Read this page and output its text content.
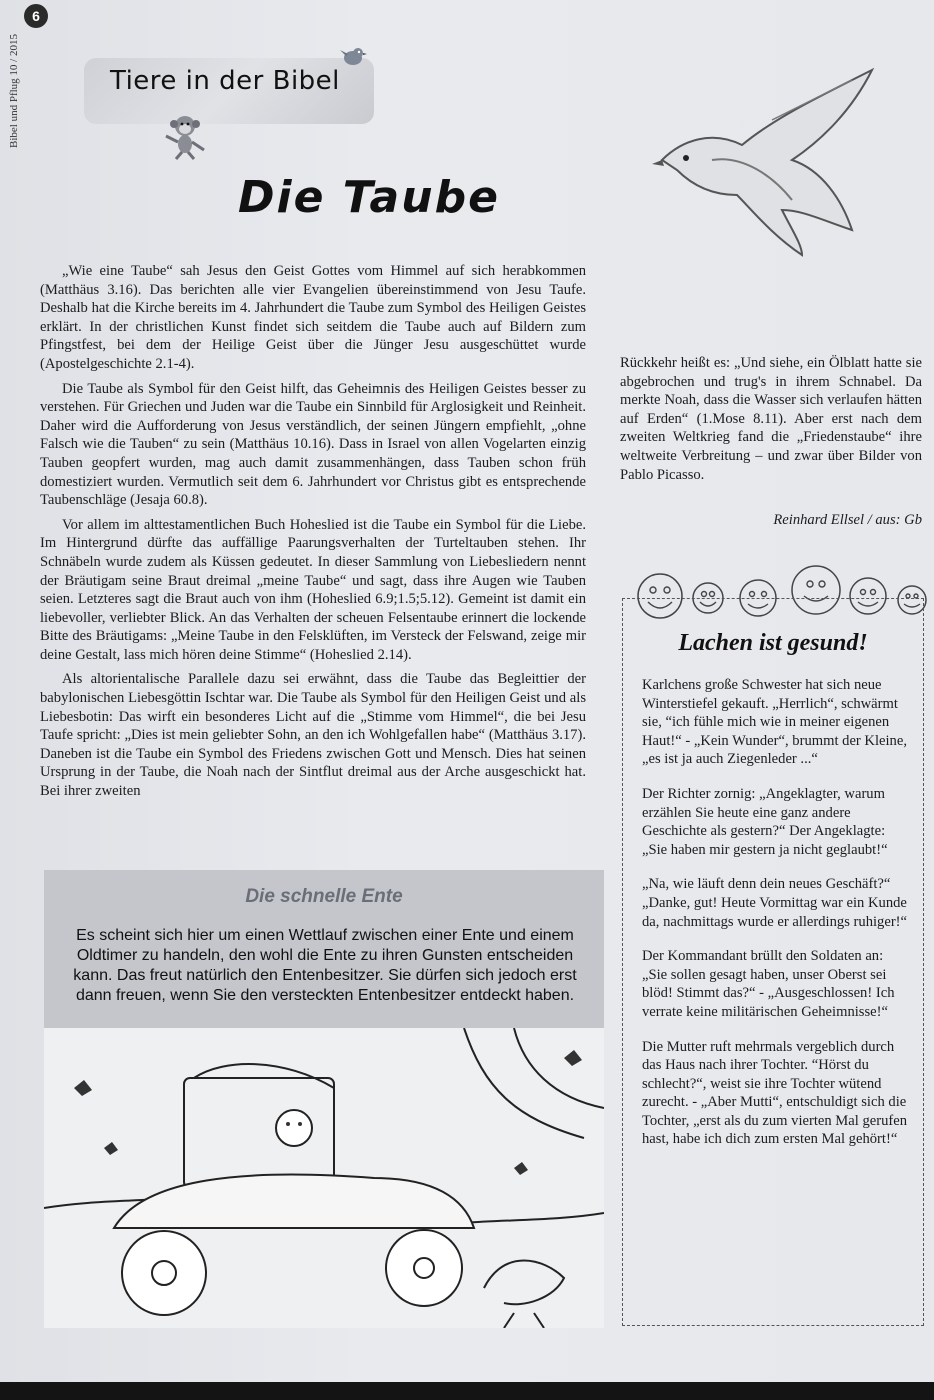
6
Bibel und Pflug 10 / 2015	Tiere in der Bibel
Die Taube

„Wie eine Taube“ sah Jesus den Geist Gottes vom Himmel auf sich herabkommen (Matthäus 3.16). Das berichten alle vier Evangelien übereinstimmend von Jesu Taufe. Deshalb hat die Kirche bereits im 4. Jahrhundert die Taube zum Symbol des Heiligen Geistes erklärt. In der christlichen Kunst findet sich seitdem die Taube auch auf Bildern zum Pfingstfest, bei dem der Heilige Geist über die Jünger Jesu ausgeschüttet wurde (Apostelgeschichte 2.1-4).

Die Taube als Symbol für den Geist hilft, das Geheimnis des Heiligen Geistes besser zu verstehen. Für Griechen und Juden war die Taube ein Sinnbild für Arglosigkeit und Reinheit. Daher wird die Aufforderung von Jesus verständlich, der seinen Jüngern empfiehlt, „ohne Falsch wie die Tauben“ zu sein (Matthäus 10.16). Dass in Israel von allen Vogelarten einzig Tauben geopfert wurden, mag auch damit zusammenhängen, dass Tauben schon früh domestiziert wurden. Vermutlich seit dem 6. Jahrhundert vor Christus gibt es entsprechende Taubenschläge (Jesaja 60.8).

Vor allem im alttestamentlichen Buch Hoheslied ist die Taube ein Symbol für die Liebe. Im Hintergrund dürfte das auffällige Paarungsverhalten der Turteltauben stehen. Ihr Schnäbeln wurde zudem als Küssen gedeutet. In dieser Sammlung von Liebesliedern nennt der Bräutigam seine Braut dreimal „meine Taube“ und sagt, dass ihre Augen wie Tauben seien. Letzteres sagt die Braut auch von ihm (Hoheslied 6.9;1.5;5.12). Gemeint ist damit ein liebevoller, verliebter Blick. An das Verhalten der scheuen Felsentaube erinnert die lockende Bitte des Bräutigams: „Meine Taube in den Felsklüften, im Versteck der Felswand, zeige mir deine Gestalt, lass mich hören deine Stimme“ (Hoheslied 2.14).

Als altorientalische Parallele dazu sei erwähnt, dass die Taube das Begleittier der babylonischen Liebesgöttin Ischtar war. Die Taube als Symbol für den Heiligen Geist und als Liebesbotin: Das wirft ein besonderes Licht auf die „Stimme vom Himmel“, die bei Jesu Taufe spricht: „Dies ist mein geliebter Sohn, an den ich Wohlgefallen habe“ (Matthäus 3.17). Daneben ist die Taube ein Symbol des Friedens zwischen Gott und Mensch. Dies hat seinen Ursprung in der Taube, die Noah nach der Sintflut dreimal aus der Arche ausgeschickt hat. Bei ihrer zweiten

Rückkehr heißt es: „Und siehe, ein Ölblatt hatte sie abgebrochen und trug's in ihrem Schnabel. Da merkte Noah, dass die Wasser sich verlaufen hätten auf Erden“ (1.Mose 8.11). Aber erst nach dem zweiten Weltkrieg fand die „Friedenstaube“ ihre weltweite Verbreitung – und zwar über Bilder von Pablo Picasso.

Reinhard Ellsel / aus: Gb
Lachen ist gesund!

Karlchens große Schwester hat sich neue Winterstiefel gekauft. „Herrlich“, schwärmt sie, “ich fühle mich wie in meiner eigenen Haut!“ - „Kein Wunder“, brummt der Kleine, „es ist ja auch Ziegenleder ...“

Der Richter zornig: „Angeklagter, warum erzählen Sie heute eine ganz andere Geschichte als gestern?“ Der Angeklagte: „Sie haben mir gestern ja nicht geglaubt!“

„Na, wie läuft denn dein neues Geschäft?“ „Danke, gut! Heute Vormittag war ein Kunde da, nachmittags wurde er allerdings ruhiger!“

Der Kommandant brüllt den Soldaten an: „Sie sollen gesagt haben, unser Oberst sei blöd! Stimmt das?“ - „Ausgeschlossen! Ich verrate keine militärischen Geheimnisse!“

Die Mutter ruft mehrmals vergeblich durch das Haus nach ihrer Tochter. “Hörst du schlecht?“, weist sie ihre Tochter wütend zurecht. - „Aber Mutti“, entschuldigt sich die Tochter, „erst als du zum vierten Mal gerufen hast, habe ich dich zum ersten Mal gehört!“

Die schnelle Ente
Es scheint sich hier um einen Wettlauf zwischen einer Ente und einem Oldtimer zu handeln, den wohl die Ente zu ihren Gunsten entscheiden kann. Das freut natürlich den Entenbesitzer. Sie dürfen sich jedoch erst dann freuen, wenn Sie den versteckten Entenbesitzer entdeckt haben.
